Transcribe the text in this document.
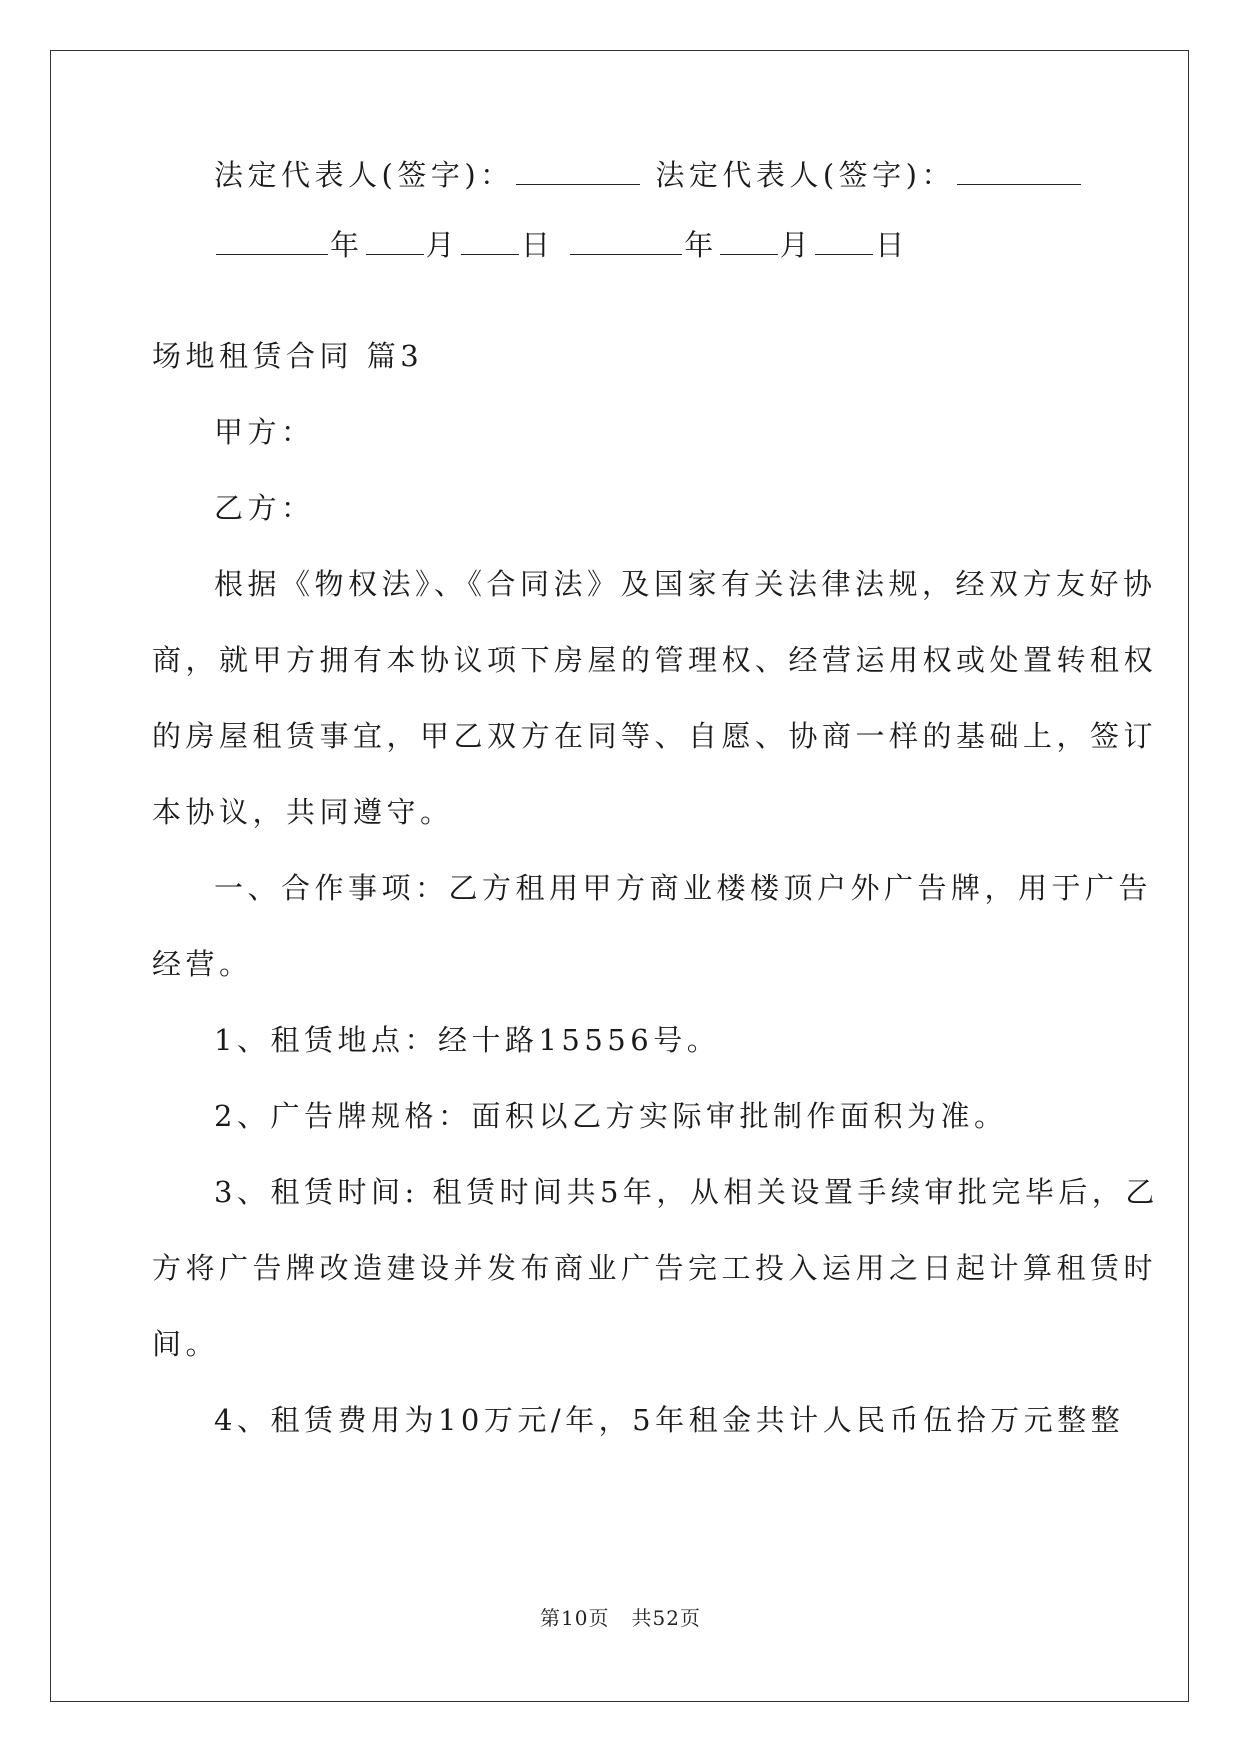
法定代表人(签字)：	法定代表人(签字)：
年 月 日	年 月 日
场地租赁合同 篇3
甲方：
乙方：
根据《物权法》、《合同法》及国家有关法律法规，经双方友好协
商，就甲方拥有本协议项下房屋的管理权、经营运用权或处置转租权
的房屋租赁事宜，甲乙双方在同等、自愿、协商一样的基础上，签订
本协议，共同遵守。
一、合作事项：乙方租用甲方商业楼楼顶户外广告牌，用于广告
经营。
1、租赁地点：经十路15556号。
2、广告牌规格：面积以乙方实际审批制作面积为准。
3、租赁时间: 租赁时间共5年，从相关设置手续审批完毕后，乙
方将广告牌改造建设并发布商业广告完工投入运用之日起计算租赁时
间。
4、租赁费用为10万元/年，5年租金共计人民币伍拾万元整整
第10页 共52页
